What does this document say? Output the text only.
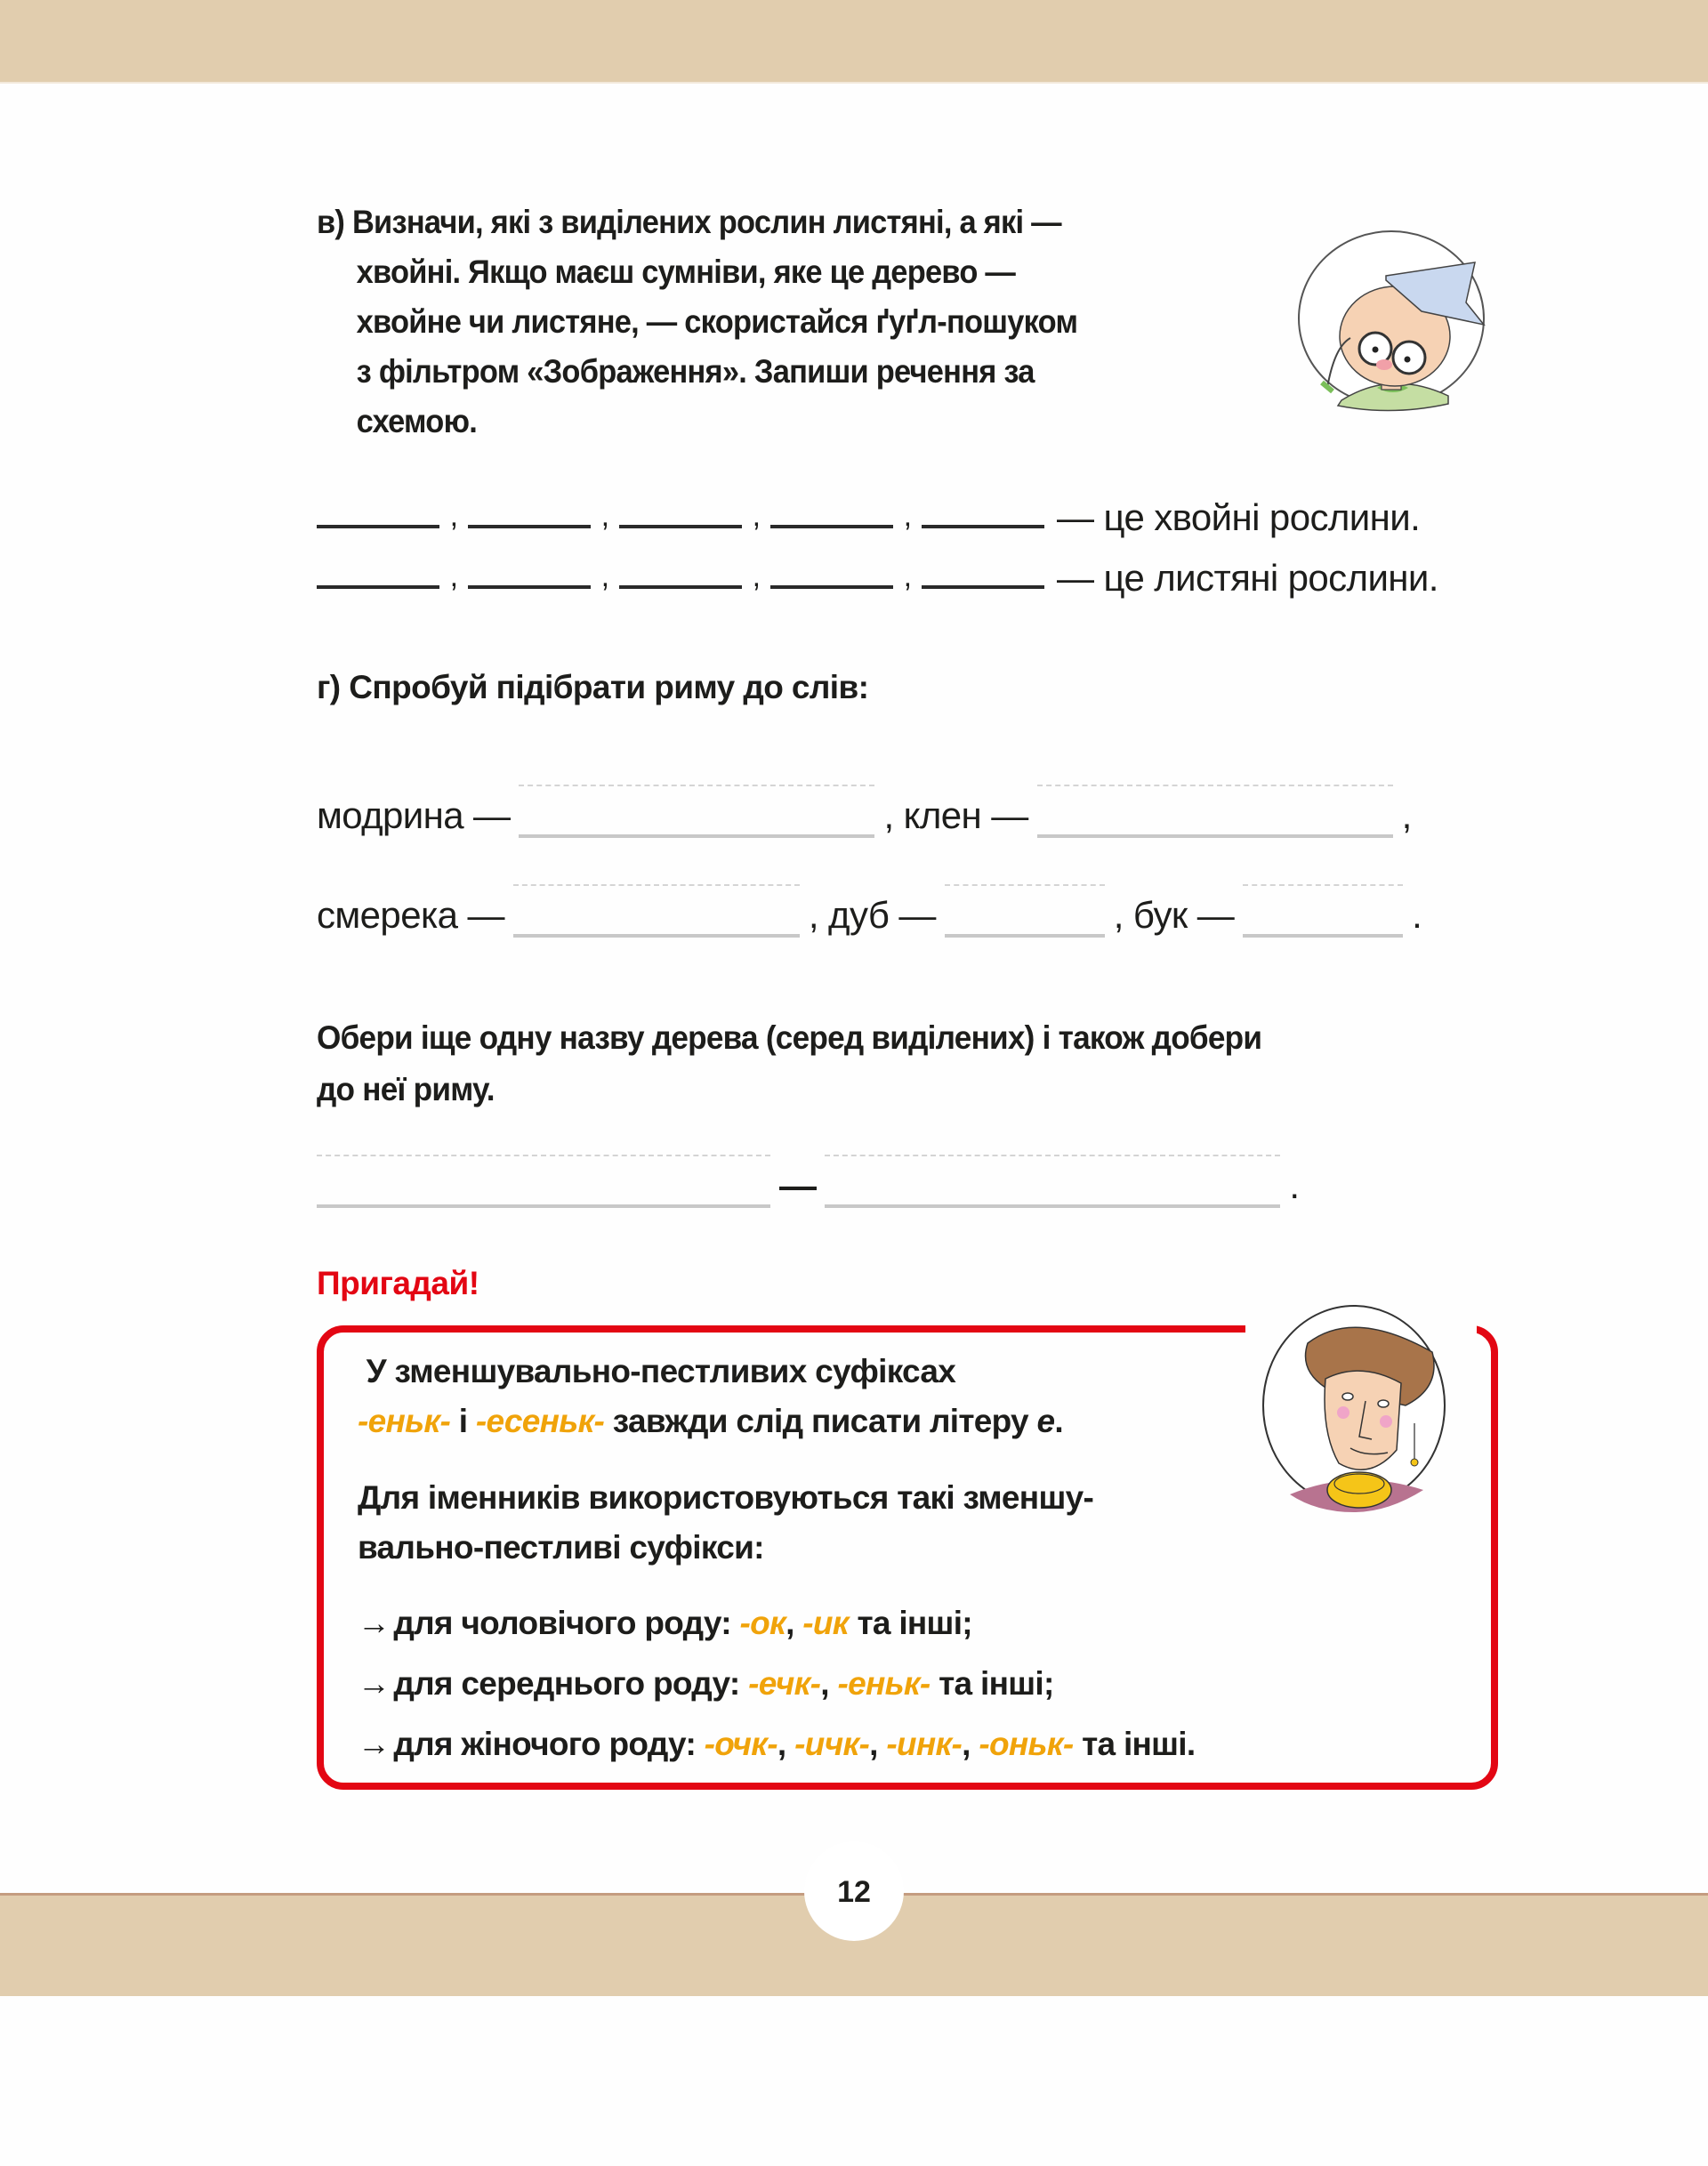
в) Визначи, які з виділених рослин листяні, а які —
хвойні. Якщо маєш сумніви, яке це дерево —
хвойне чи листяне, — скористайся ґуґл-пошуком
з фільтром «Зображення». Запиши речення за
схемою.
,	,	,	,	— це хвойні рослини.
,	,	,	,	— це листяні рослини.
г) Спробуй підібрати риму до слів:
модрина —	,
клен —	,
смерека —	,
дуб —	,
бук —	.
Обери іще одну назву дерева (серед виділених) і також добери
до неї риму.
—	.
Пригадай!
У зменшувально-пестливих суфіксах
-еньк- і -есеньк- завжди слід писати літеру е.
Для іменників використовуються такі зменшу-
вально-пестливі суфікси:
→ для чоловічого роду: -ок, -ик та інші;
→ для середнього роду: -ечк-, -еньк- та інші;
→ для жіночого роду: -очк-, -ичк-, -инк-, -оньк- та інші.
12
